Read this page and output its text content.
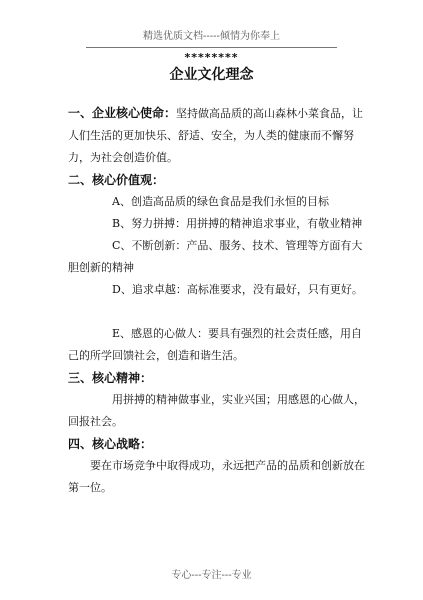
精选优质文档-----倾情为你奉上
********
企业文化理念

一、企业核心使命：坚持做高品质的高山森林小菜食品，让人们生活的更加快乐、舒适、安全，为人类的健康而不懈努力，为社会创造价值。

二、核心价值观：

A、创造高品质的绿色食品是我们永恒的目标

B、努力拼搏：用拼搏的精神追求事业，有敬业精神

C、不断创新：产品、服务、技术、管理等方面有大胆创新的精神

D、追求卓越：高标准要求，没有最好，只有更好。

E、感恩的心做人：要具有强烈的社会责任感，用自己的所学回馈社会，创造和谐生活。

三、核心精神：

用拼搏的精神做事业，实业兴国；用感恩的心做人，回报社会。

四、核心战略：

要在市场竞争中取得成功，永远把产品的品质和创新放在第一位。

专心---专注---专业
